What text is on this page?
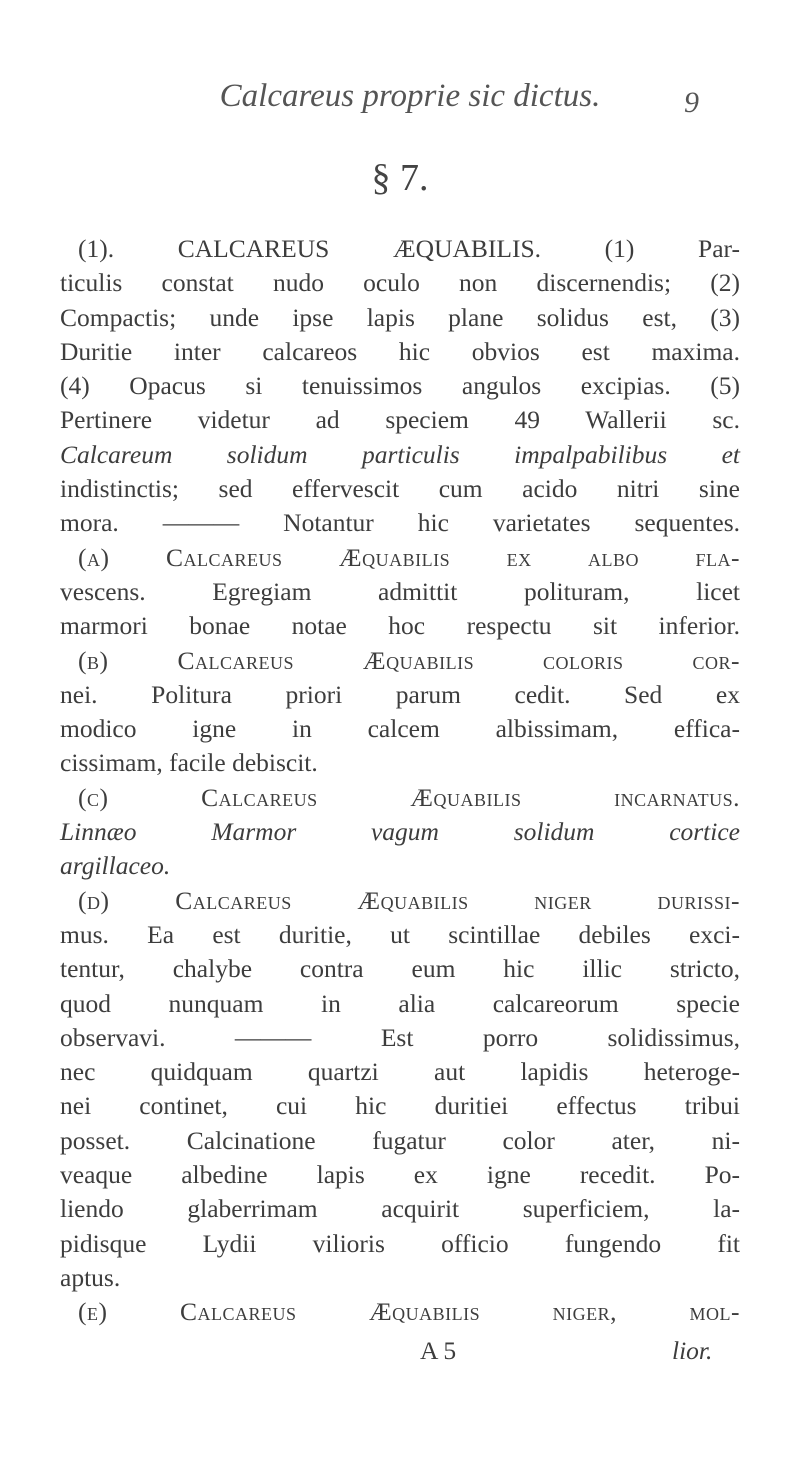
Calcareus proprie sic dictus.	9
§ 7.
(1). CALCAREUS ÆQUABILIS. (1) Par-
ticulis constat nudo oculo non discernendis; (2)
Compactis; unde ipse lapis plane solidus est, (3)
Duritie inter calcareos hic obvios est maxima.
(4) Opacus si tenuissimos angulos excipias. (5)
Pertinere videtur ad speciem 49 Wallerii sc.
Calcareum solidum particulis impalpabilibus et
indistinctis; sed effervescit cum acido nitri sine
mora. ——— Notantur hic varietates sequentes.
(a) Calcareus Æquabilis ex albo fla-
vescens. Egregiam admittit polituram, licet
marmori bonae notae hoc respectu sit inferior.
(b) Calcareus Æquabilis coloris cor-
nei. Politura priori parum cedit. Sed ex
modico igne in calcem albissimam, effica-
cissimam, facile debiscit.
(c) Calcareus Æquabilis incarnatus.
Linnæo Marmor vagum solidum cortice
argillaceo.
(d) Calcareus Æquabilis niger durissi-
mus. Ea est duritie, ut scintillae debiles exci-
tentur, chalybe contra eum hic illic stricto,
quod nunquam in alia calcareorum specie
observavi. ——— Est porro solidissimus,
nec quidquam quartzi aut lapidis heteroge-
nei continet, cui hic duritiei effectus tribui
posset. Calcinatione fugatur color ater, ni-
veaque albedine lapis ex igne recedit. Po-
liendo glaberrimam acquirit superficiem, la-
pidisque Lydii vilioris officio fungendo fit
aptus.
(e) Calcareus Æquabilis niger, mol-
A 5	lior.
